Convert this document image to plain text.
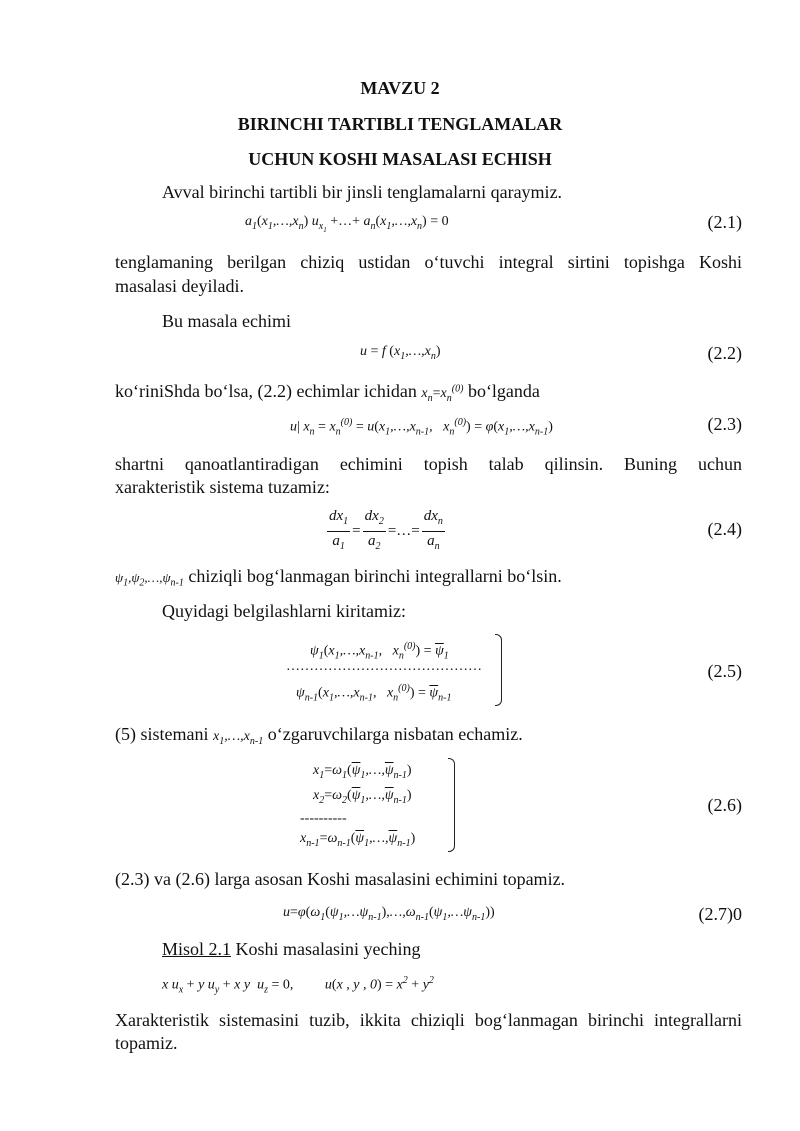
MAVZU 2
BIRINCHI TARTIBLI TENGLAMALAR
UCHUN KOSHI MASALASI ECHISH
Avval birinchi tartibli bir jinsli tenglamalarni qaraymiz.
$a_1(x_1,\dots,x_n)$ $u_{x_1}$ +…+ $a_n(x_1,\dots,x_n) = 0$	(2.1)
tenglamaning berilgan chiziq ustidan o‘tuvchi integral sirtini topishga Koshi
masalasi deyiladi.
Bu masala echimi
u = f $(x_1,\dots,x_n)$	(2.2)
ko‘riniShda bo‘lsa, (2.2) echimlar ichidan $x_n=x_n^{(0)}$ bo‘lganda
u| $x_n = x_n^{(0)}$ = $u(x_1,\dots,x_{n-1}$,   $x_n^{(0)}$) = $\varphi(x_1,\dots,x_{n-1})$	(2.3)
shartni qanoatlantiradigan echimini topish talab qilinsin. Buning uchun
xarakteristik sistema tuzamiz:
$\frac{dx_1}{a_1} = \frac{dx_2}{a_2}$ =…= $\frac{dx_n}{a_n}$	(2.4)
$\psi_1,\psi_2,\dots,\psi_{n-1}$ chiziqli bog‘lanmagan birinchi integrallarni bo‘lsin.
Quyidagi belgilashlarni kiritamiz:
$\psi_1(x_1,\dots,x_{n-1}$,   $x_n^{(0)}) = \overline{\psi}_1$
……………………………………
$\psi_{n-1}(x_1,\dots,x_{n-1}$,   $x_n^{(0)}) = \overline{\psi}_{n-1}$
(2.5)
(5) sistemani $x_1,\dots,x_{n-1}$ o‘zgaruvchilarga nisbatan echamiz.
$x_1=\omega_1(\overline{\psi}_1,\dots,\overline{\psi}_{n-1})$
$x_2=\omega_2(\overline{\psi}_1,\dots,\overline{\psi}_{n-1})$
----------
$x_{n-1}=\omega_{n-1}(\overline{\psi}_1,\dots,\overline{\psi}_{n-1})$
(2.6)
(2.3) va (2.6) larga asosan Koshi masalasini echimini topamiz.
$u=\varphi(\omega_1(\psi_1,\dots\psi_{n-1}),\dots,\omega_{n-1}(\psi_1,\dots\psi_{n-1}))$	(2.7)0
Misol 2.1 Koshi masalasini yeching
x $u_x + y$ $u_y + x$ y  $u_z = 0$,         u(x , y , $0) = x^2 + y^2$
Xarakteristik sistemasini tuzib, ikkita chiziqli bog‘lanmagan birinchi integrallarni
topamiz.
